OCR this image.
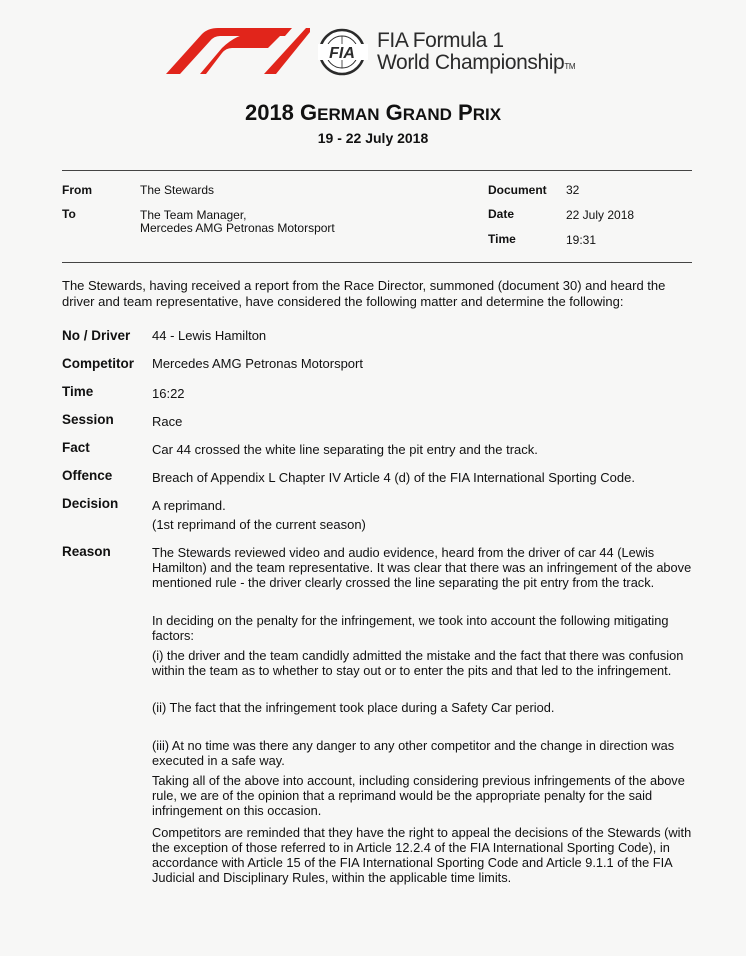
FIA
FIA Formula 1
World ChampionshipTM
2018 GERMAN GRAND PRIX
19 - 22 July 2018
From	The Stewards
To	The Team Manager,
Mercedes AMG Petronas Motorsport
Document 32
Date	22 July 2018
Time	19:31
The Stewards, having received a report from the Race Director, summoned (document 30) and heard the driver and team representative, have considered the following matter and determine the following:
No / Driver 44 - Lewis Hamilton
Competitor Mercedes AMG Petronas Motorsport
Time	16:22
Session	Race
Fact	Car 44 crossed the white line separating the pit entry and the track.
Offence	Breach of Appendix L Chapter IV Article 4 (d) of the FIA International Sporting Code.
Decision	A reprimand.
(1st reprimand of the current season)
Reason	The Stewards reviewed video and audio evidence, heard from the driver of car 44 (Lewis Hamilton) and the team representative. It was clear that there was an infringement of the above mentioned rule - the driver clearly crossed the line separating the pit entry from the track.
In deciding on the penalty for the infringement, we took into account the following mitigating factors:
(i) the driver and the team candidly admitted the mistake and the fact that there was confusion within the team as to whether to stay out or to enter the pits and that led to the infringement.
(ii) The fact that the infringement took place during a Safety Car period.
(iii) At no time was there any danger to any other competitor and the change in direction was executed in a safe way.
Taking all of the above into account, including considering previous infringements of the above rule, we are of the opinion that a reprimand would be the appropriate penalty for the said infringement on this occasion.
Competitors are reminded that they have the right to appeal the decisions of the Stewards (with the exception of those referred to in Article 12.2.4 of the FIA International Sporting Code), in accordance with Article 15 of the FIA International Sporting Code and Article 9.1.1 of the FIA Judicial and Disciplinary Rules, within the applicable time limits.
